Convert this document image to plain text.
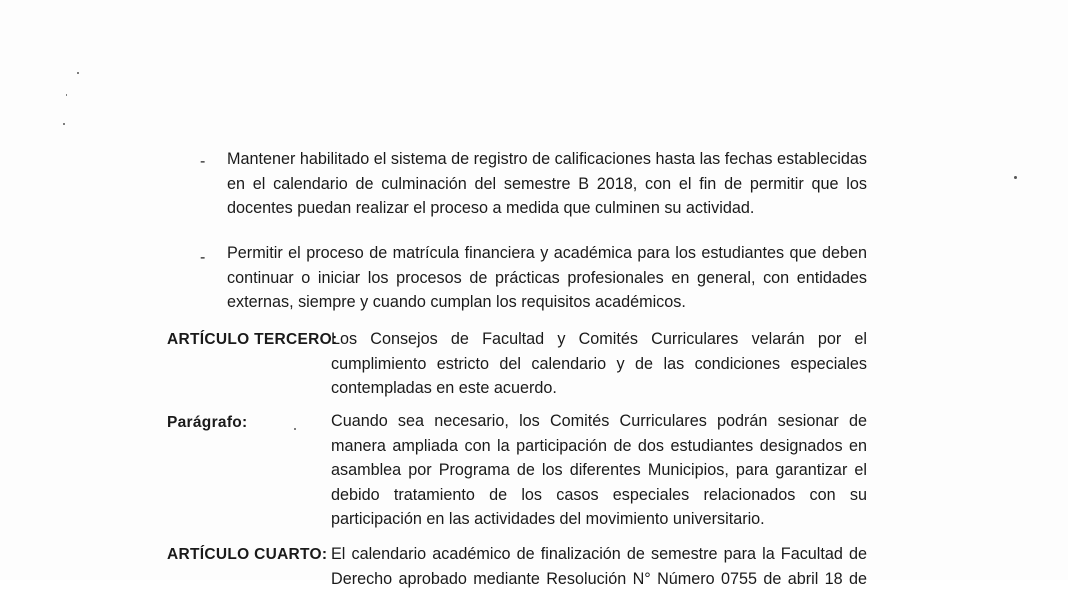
- Mantener habilitado el sistema de registro de calificaciones hasta las fechas establecidas
en el calendario de culminación del semestre B 2018, con el fin de permitir que los
docentes puedan realizar el proceso a medida que culminen su actividad.
- Permitir el proceso de matrícula financiera y académica para los estudiantes que deben
continuar o iniciar los procesos de prácticas profesionales en general, con entidades
externas, siempre y cuando cumplan los requisitos académicos.
ARTÍCULO TERCERO:
Los Consejos de Facultad y Comités Curriculares velarán por el
cumplimiento estricto del calendario y de las condiciones especiales
contempladas en este acuerdo.
Parágrafo:	Cuando sea necesario, los Comités Curriculares podrán sesionar de
manera ampliada con la participación de dos estudiantes designados en
asamblea por Programa de los diferentes Municipios, para garantizar el
debido tratamiento de los casos especiales relacionados con su
participación en las actividades del movimiento universitario.
ARTÍCULO CUARTO: El calendario académico de finalización de semestre para la Facultad de
Derecho aprobado mediante Resolución N° Número 0755 de abril 18 de
